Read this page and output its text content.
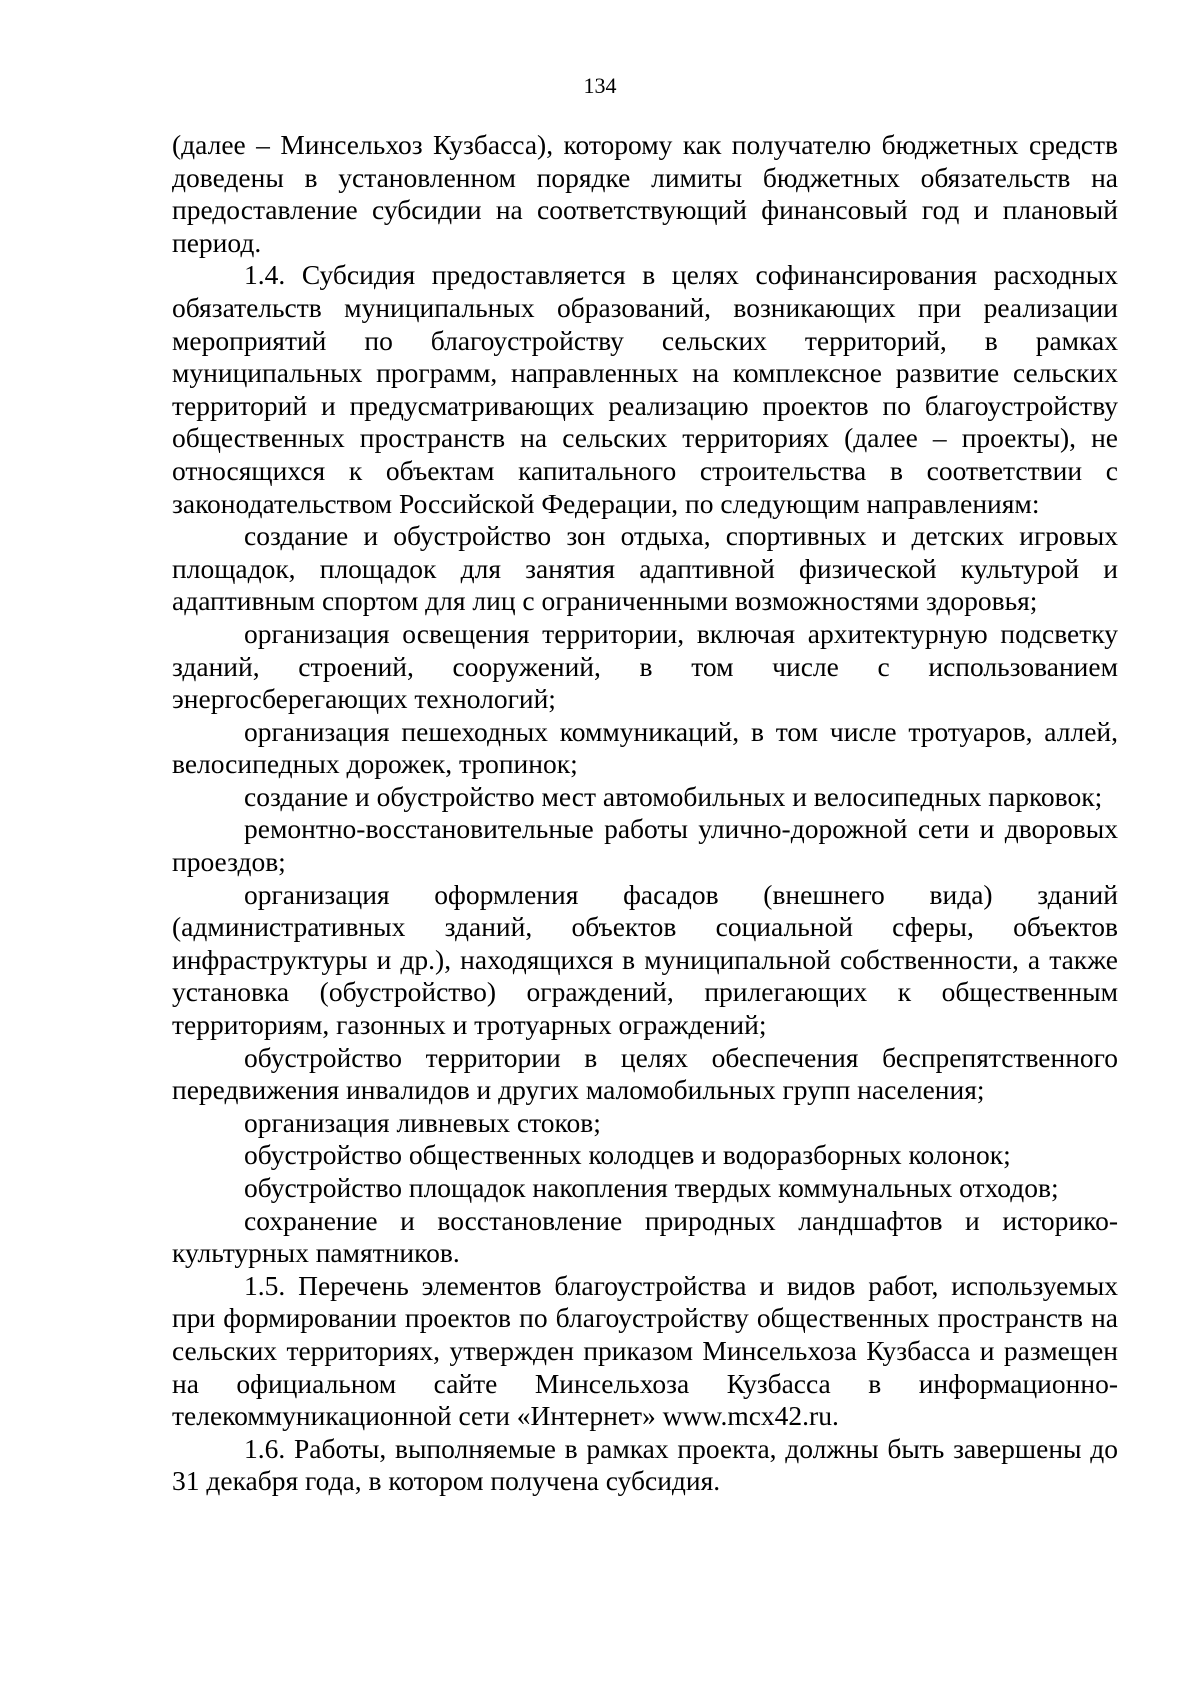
134

(далее – Минсельхоз Кузбасса), которому как получателю бюджетных средств доведены в установленном порядке лимиты бюджетных обязательств на предоставление субсидии на соответствующий финансовый год и плановый период.

1.4. Субсидия предоставляется в целях софинансирования расходных обязательств муниципальных образований, возникающих при реализации мероприятий по благоустройству сельских территорий, в рамках муниципальных программ, направленных на комплексное развитие сельских территорий и предусматривающих реализацию проектов по благоустройству общественных пространств на сельских территориях (далее – проекты), не относящихся к объектам капитального строительства в соответствии с законодательством Российской Федерации, по следующим направлениям:

создание и обустройство зон отдыха, спортивных и детских игровых площадок, площадок для занятия адаптивной физической культурой и адаптивным спортом для лиц с ограниченными возможностями здоровья;

организация освещения территории, включая архитектурную подсветку зданий, строений, сооружений, в том числе с использованием энергосберегающих технологий;

организация пешеходных коммуникаций, в том числе тротуаров, аллей, велосипедных дорожек, тропинок;

создание и обустройство мест автомобильных и велосипедных парковок;

ремонтно-восстановительные работы улично-дорожной сети и дворовых проездов;

организация оформления фасадов (внешнего вида) зданий (административных зданий, объектов социальной сферы, объектов инфраструктуры и др.), находящихся в муниципальной собственности, а также установка (обустройство) ограждений, прилегающих к общественным территориям, газонных и тротуарных ограждений;

обустройство территории в целях обеспечения беспрепятственного передвижения инвалидов и других маломобильных групп населения;

организация ливневых стоков;

обустройство общественных колодцев и водоразборных колонок;

обустройство площадок накопления твердых коммунальных отходов;

сохранение и восстановление природных ландшафтов и историко-культурных памятников.

1.5. Перечень элементов благоустройства и видов работ, используемых при формировании проектов по благоустройству общественных пространств на сельских территориях, утвержден приказом Минсельхоза Кузбасса и размещен на официальном сайте Минсельхоза Кузбасса в информационно-телекоммуникационной сети «Интернет» www.mcx42.ru.

1.6. Работы, выполняемые в рамках проекта, должны быть завершены до 31 декабря года, в котором получена субсидия.
